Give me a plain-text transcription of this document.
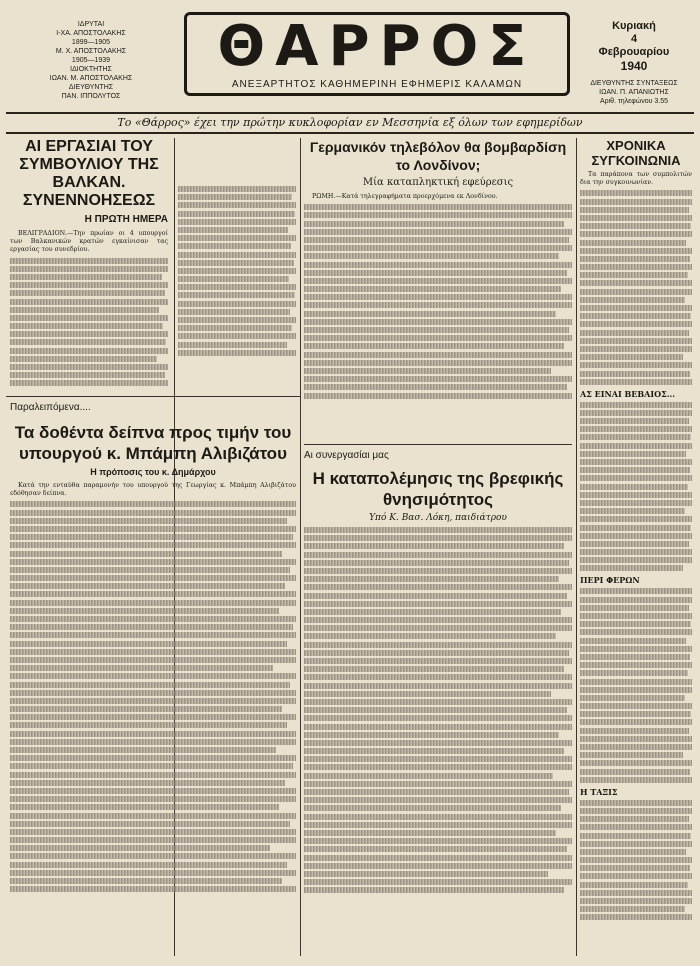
ΙΔΡΥΤΑΙ
Ι-ΧΑ. ΑΠΟΣΤΟΛΑΚΗΣ
1899—1905
Μ. Χ. ΑΠΟΣΤΟΛΑΚΗΣ
1905—1939
ΙΔΙΟΚΤΗΤΗΣ
ΙΩΑΝ. Μ. ΑΠΟΣΤΟΛΑΚΗΣ
ΔΙΕΥΘΥΝΤΗΣ
ΠΑΝ. ΙΠΠΟΛΥΤΟΣ
ΘΑΡΡΟΣ
ΑΝΕΞΑΡΤΗΤΟΣ ΚΑΘΗΜΕΡΙΝΗ ΕΦΗΜΕΡΙΣ ΚΑΛΑΜΩΝ
Κυριακή
4
Φεβρουαρίου
1940
ΔΙΕΥΘΥΝΤΗΣ ΣΥΝΤΑΞΕΩΣ
ΙΩΑΝ. Π. ΑΠΑΝΙΩΤΗΣ
Αριθ. τηλεφώνου 3.55
Το «Θάρρος» έχει την πρώτην κυκλοφορίαν εν Μεσσηνία εξ όλων των εφημερίδων
ΑΙ ΕΡΓΑΣΙΑΙ ΤΟΥ ΣΥΜΒΟΥΛΙΟΥ ΤΗΣ ΒΑΛΚΑΝ. ΣΥΝΕΝΝΟΗΣΕΩΣ
Η ΠΡΩΤΗ ΗΜΕΡΑ

ΒΕΛΙΓΡΑΔΙΟΝ.—Την πρωίαν οι 4 υπουργοί των Βαλκανικών κρατών εγκαίνισαν τας εργασίας του συνεδρίου.

Παραλειπόμενα....
Τα δοθέντα δείπνα προς τιμήν του υπουργού κ. Μπάμπη Αλιβιζάτου
Η πρόποσις του κ. Δημάρχου

Κατά την ενταύθα παραμονήν του υπουργού της Γεωργίας κ. Μπάμπη Αλιβιζάτου εδόθησαν δείπνα.

Γερμανικόν τηλεβόλον θα βομβαρδίση το Λονδίνον;
Μία καταπληκτική εφεύρεσις

ΡΩΜΗ.—Κατά τηλεγραφήματα προερχόμενα εκ Λονδίνου.

Αι συνεργασίαι μας
Η καταπολέμησις της βρεφικής θνησιμότητος
Υπό Κ. Βασ. Λόκη, παιδιάτρου
ΧΡΟΝΙΚΑ ΣΥΓΚΟΙΝΩΝΙΑ

Τα παράπονα των συμπολιτών δια την συγκοινωνίαν.

ΑΣ ΕΙΝΑΙ ΒΕΒΑΙΟΣ...
ΠΕΡΙ ΦΕΡΩΝ
Η ΤΑΞΙΣ
